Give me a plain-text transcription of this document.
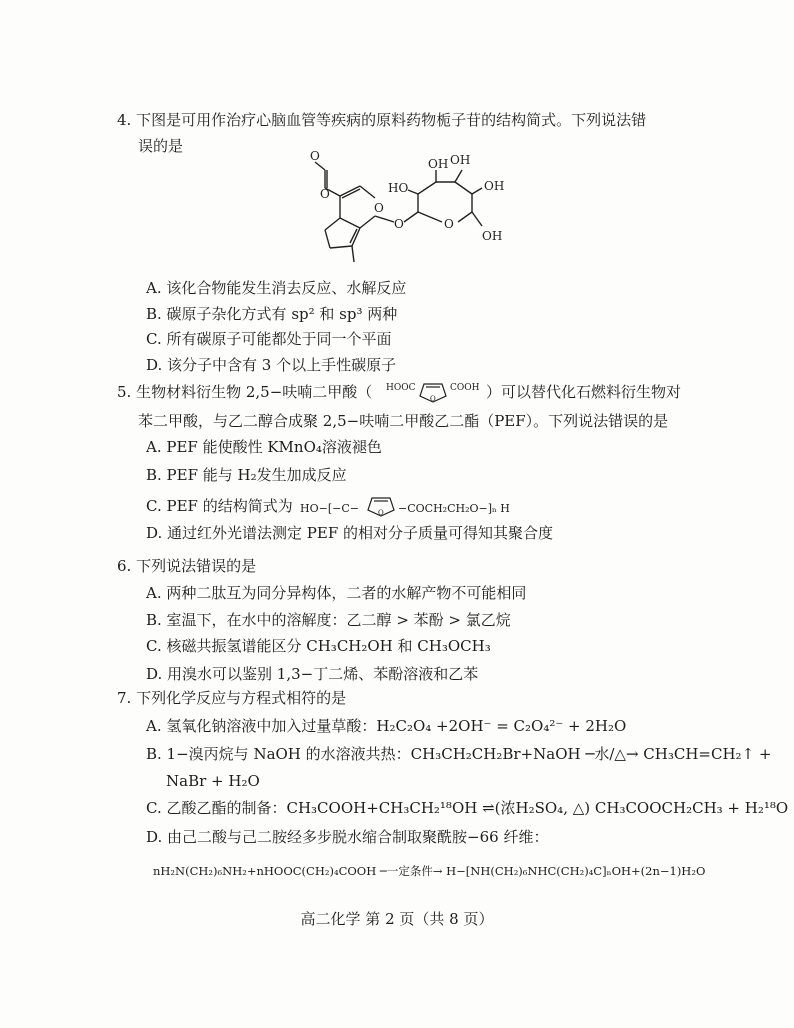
4. 下图是可用作治疗心脑血管等疾病的原料药物栀子苷的结构简式。下列说法错
误的是
OH
HO
OH
OH
O
O
O
O	O
OH
A. 该化合物能发生消去反应、水解反应
B. 碳原子杂化方式有 sp² 和 sp³ 两种
C. 所有碳原子可能都处于同一个平面
D. 该分子中含有 3 个以上手性碳原子
5. 生物材料衍生物 2,5−呋喃二甲酸（ HOOC	COOH
O	）可以替代化石燃料衍生物对
苯二甲酸，与乙二醇合成聚 2,5−呋喃二甲酸乙二酯（PEF）。下列说法错误的是
A. PEF 能使酸性 KMnO₄溶液褪色
B. PEF 能与 H₂发生加成反应
C. PEF 的结构简式为 HO−[−C−	−COCH₂CH₂O−]ₙ H
O
D. 通过红外光谱法测定 PEF 的相对分子质量可得知其聚合度
6. 下列说法错误的是
A. 两种二肽互为同分异构体，二者的水解产物不可能相同
B. 室温下，在水中的溶解度：乙二醇 > 苯酚 > 氯乙烷
C. 核磁共振氢谱能区分 CH₃CH₂OH 和 CH₃OCH₃
D. 用溴水可以鉴别 1,3−丁二烯、苯酚溶液和乙苯
7. 下列化学反应与方程式相符的是
A. 氢氧化钠溶液中加入过量草酸：H₂C₂O₄ +2OH⁻ = C₂O₄²⁻ + 2H₂O
B. 1−溴丙烷与 NaOH 的水溶液共热：CH₃CH₂CH₂Br+NaOH ─水/△→ CH₃CH=CH₂↑ +
NaBr + H₂O
C. 乙酸乙酯的制备：CH₃COOH+CH₃CH₂¹⁸OH ⇌(浓H₂SO₄, △) CH₃COOCH₂CH₃ + H₂¹⁸O
D. 由己二酸与己二胺经多步脱水缩合制取聚酰胺−66 纤维：
nH₂N(CH₂)₆NH₂+nHOOC(CH₂)₄COOH ─一定条件→ H−[NH(CH₂)₆NHC(CH₂)₄C]ₙOH+(2n−1)H₂O
高二化学 第 2 页（共 8 页）
